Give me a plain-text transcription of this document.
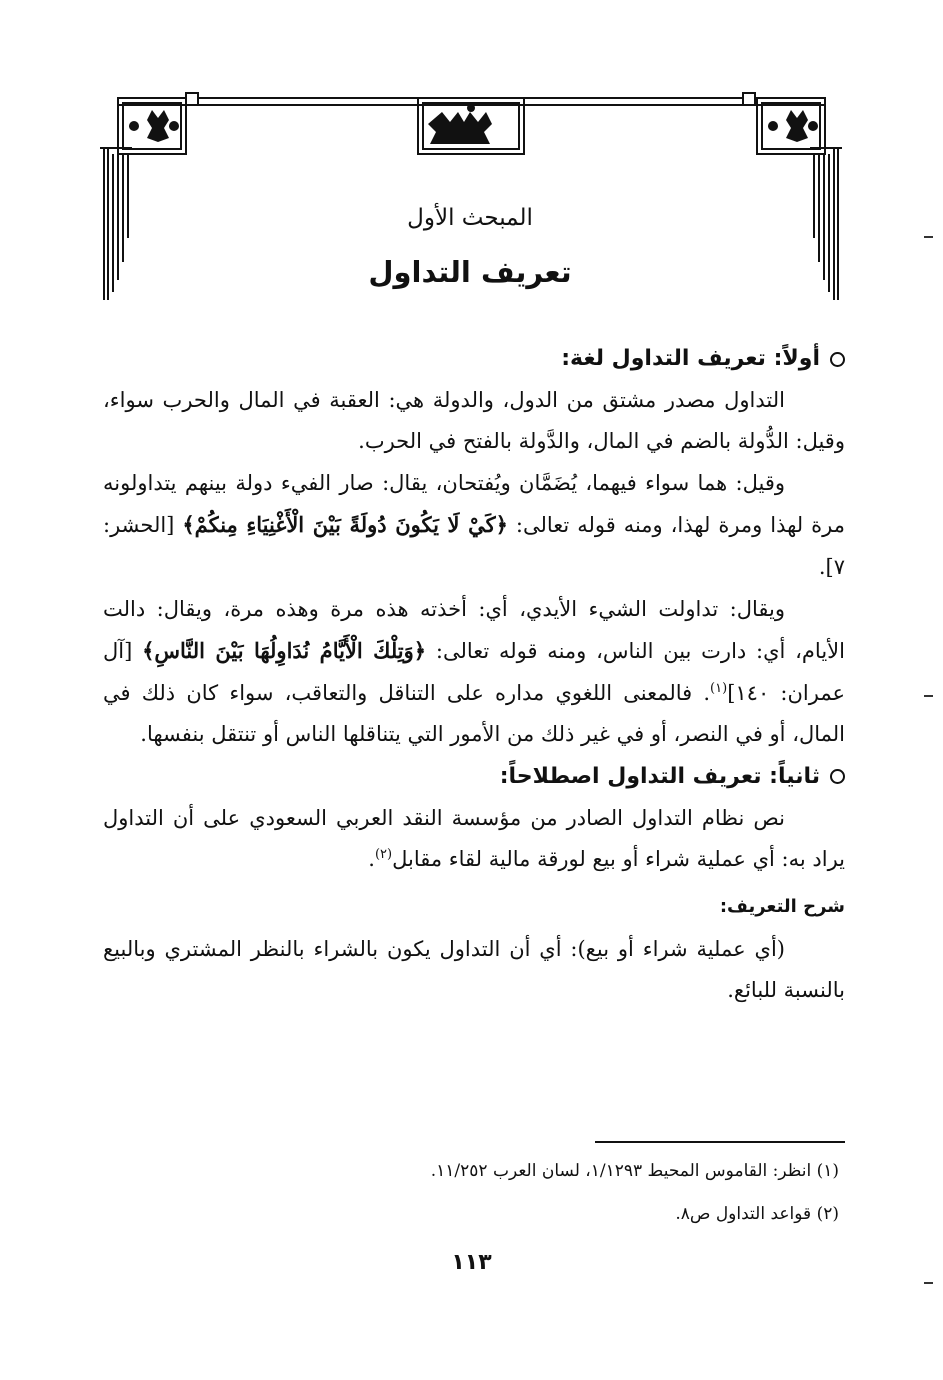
المبحث الأول

تعريف التداول

أولاً: تعريف التداول لغة:

التداول مصدر مشتق من الدول، والدولة هي: العقبة في المال والحرب سواء، وقيل: الدُّولة بالضم في المال، والدَّولة بالفتح في الحرب.

وقيل: هما سواء فيهما، يُضَمَّان ويُفتحان، يقال: صار الفيء دولة بينهم يتداولونه مرة لهذا ومرة لهذا، ومنه قوله تعالى: ﴿كَيْ لَا يَكُونَ دُولَةً بَيْنَ الْأَغْنِيَاءِ مِنكُمْ﴾ [الحشر: ٧].

ويقال: تداولت الشيء الأيدي، أي: أخذته هذه مرة وهذه مرة، ويقال: دالت الأيام، أي: دارت بين الناس، ومنه قوله تعالى: ﴿وَتِلْكَ الْأَيَّامُ نُدَاوِلُهَا بَيْنَ النَّاسِ﴾ [آل عمران: ١٤٠]$^{(١)}$. فالمعنى اللغوي مداره على التناقل والتعاقب، سواء كان ذلك في المال، أو في النصر، أو في غير ذلك من الأمور التي يتناقلها الناس أو تنتقل بنفسها.

ثانياً: تعريف التداول اصطلاحاً:

نص نظام التداول الصادر من مؤسسة النقد العربي السعودي على أن التداول يراد به: أي عملية شراء أو بيع لورقة مالية لقاء مقابل$^{(٢)}$.

شرح التعريف:

(أي عملية شراء أو بيع): أي أن التداول يكون بالشراء بالنظر المشتري وبالبيع بالنسبة للبائع.

(١) انظر: القاموس المحيط ١/١٢٩٣، لسان العرب ١١/٢٥٢.

(٢) قواعد التداول ص٨.

١١٣
